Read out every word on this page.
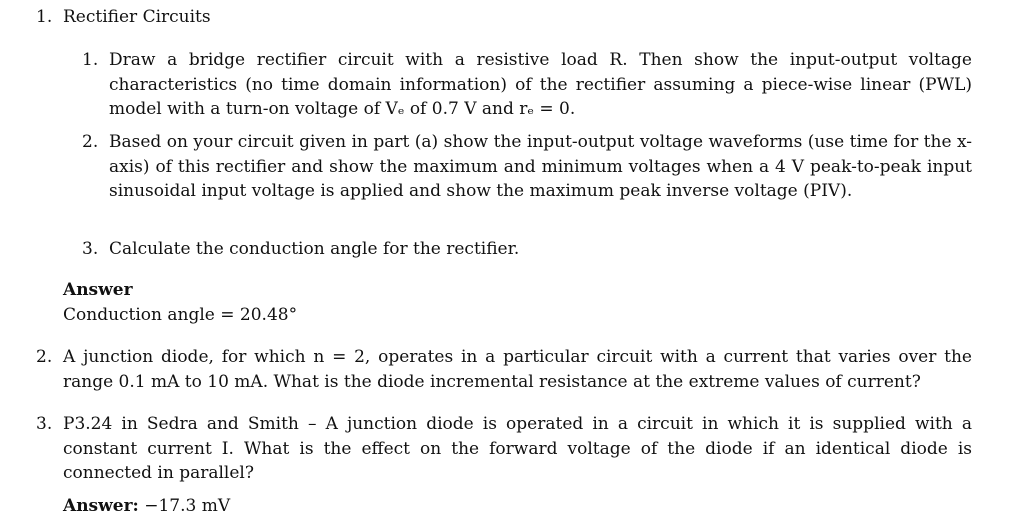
1. Rectifier Circuits
1. Draw a bridge rectifier circuit with a resistive load R. Then show the input-output voltage characteristics (no time domain information) of the rectifier assuming a piece-wise linear (PWL) model with a turn-on voltage of Vₑ of 0.7 V and rₑ = 0.
2. Based on your circuit given in part (a) show the input-output voltage waveforms (use time for the x-axis) of this rectifier and show the maximum and minimum voltages when a 4 V peak-to-peak input sinusoidal input voltage is applied and show the maximum peak inverse voltage (PIV).
3. Calculate the conduction angle for the rectifier.
Answer
Conduction angle = 20.48°
2. A junction diode, for which n = 2, operates in a particular circuit with a current that varies over the range 0.1 mA to 10 mA. What is the diode incremental resistance at the extreme values of current?
3. P3.24 in Sedra and Smith – A junction diode is operated in a circuit in which it is supplied with a constant current I. What is the effect on the forward voltage of the diode if an identical diode is connected in parallel?
Answer: −17.3 mV
